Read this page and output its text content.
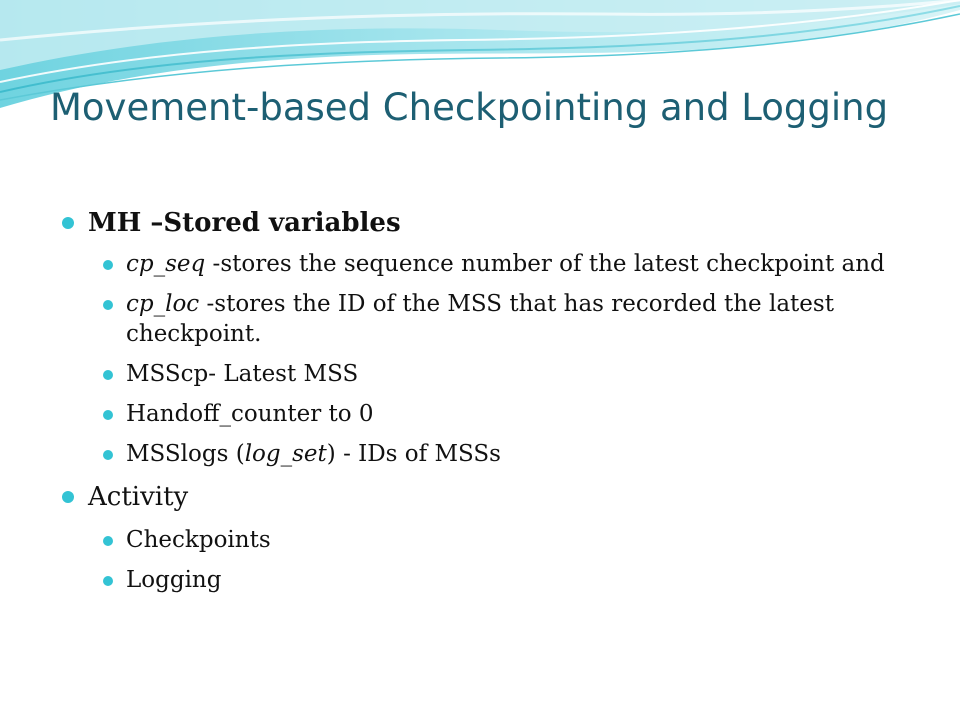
Movement-based Checkpointing and Logging
MH –Stored variables
cp_seq -stores the sequence number of the latest checkpoint and
cp_loc -stores the ID of the MSS that has recorded the latest checkpoint.
MSScp- Latest MSS
Handoff_counter to 0
MSSlogs (log_set) - IDs of MSSs
Activity
Checkpoints
Logging
